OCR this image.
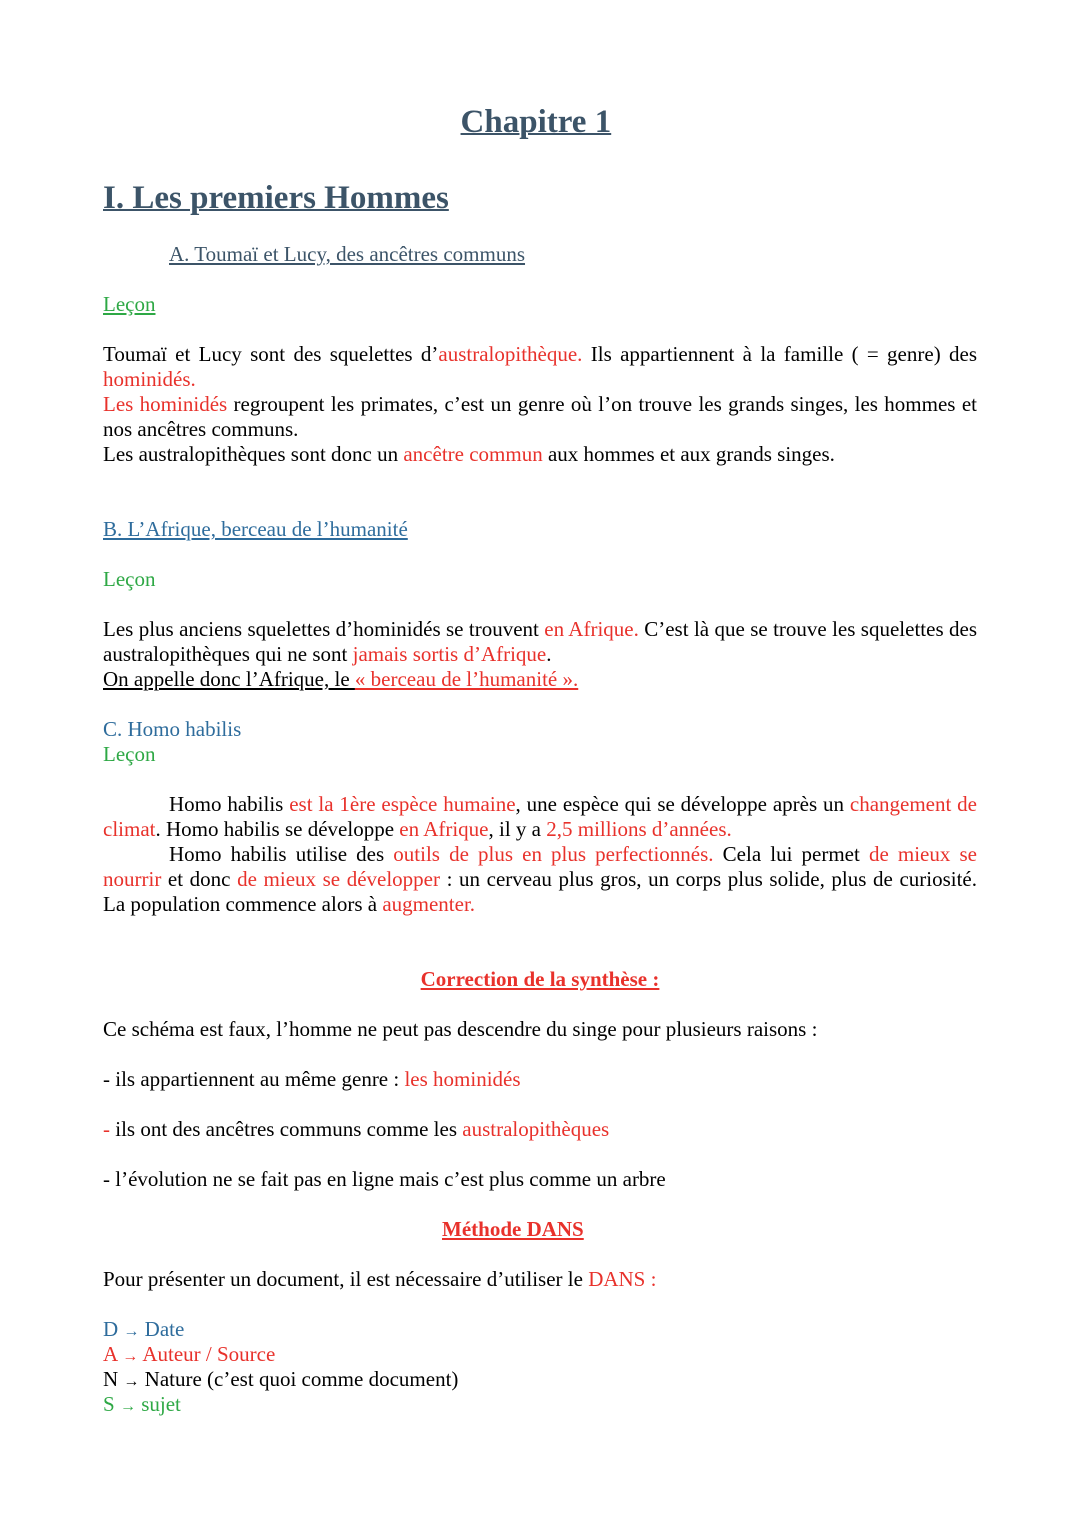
Chapitre 1
I. Les premiers Hommes
A. Toumaï et Lucy, des ancêtres communs
Leçon
Toumaï et Lucy sont des squelettes d’australopithèque. Ils appartiennent à la famille ( = genre) des hominidés.
Les hominidés regroupent les primates, c’est un genre où l’on trouve les grands singes, les hommes et nos ancêtres communs.
Les australopithèques sont donc un ancêtre commun aux hommes et aux grands singes.
B. L’Afrique, berceau de l’humanité
Leçon
Les plus anciens squelettes d’hominidés se trouvent en Afrique. C’est là que se trouve les squelettes des australopithèques qui ne sont jamais sortis d’Afrique.
On appelle donc l’Afrique, le « berceau de l’humanité ».
C. Homo habilis
Leçon
Homo habilis est la 1ère espèce humaine, une espèce qui se développe après un changement de climat. Homo habilis se développe en Afrique, il y a 2,5 millions d’années.
Homo habilis utilise des outils de plus en plus perfectionnés. Cela lui permet de mieux se nourrir et donc de mieux se développer : un cerveau plus gros, un corps plus solide, plus de curiosité. La population commence alors à augmenter.
Correction de la synthèse :
Ce schéma est faux, l’homme ne peut pas descendre du singe pour plusieurs raisons :
- ils appartiennent au même genre : les hominidés
- ils ont des ancêtres communs comme les australopithèques
- l’évolution ne se fait pas en ligne mais c’est plus comme un arbre
Méthode DANS
Pour présenter un document, il est nécessaire d’utiliser le DANS :
D → Date
A → Auteur / Source
N → Nature (c’est quoi comme document)
S → sujet
